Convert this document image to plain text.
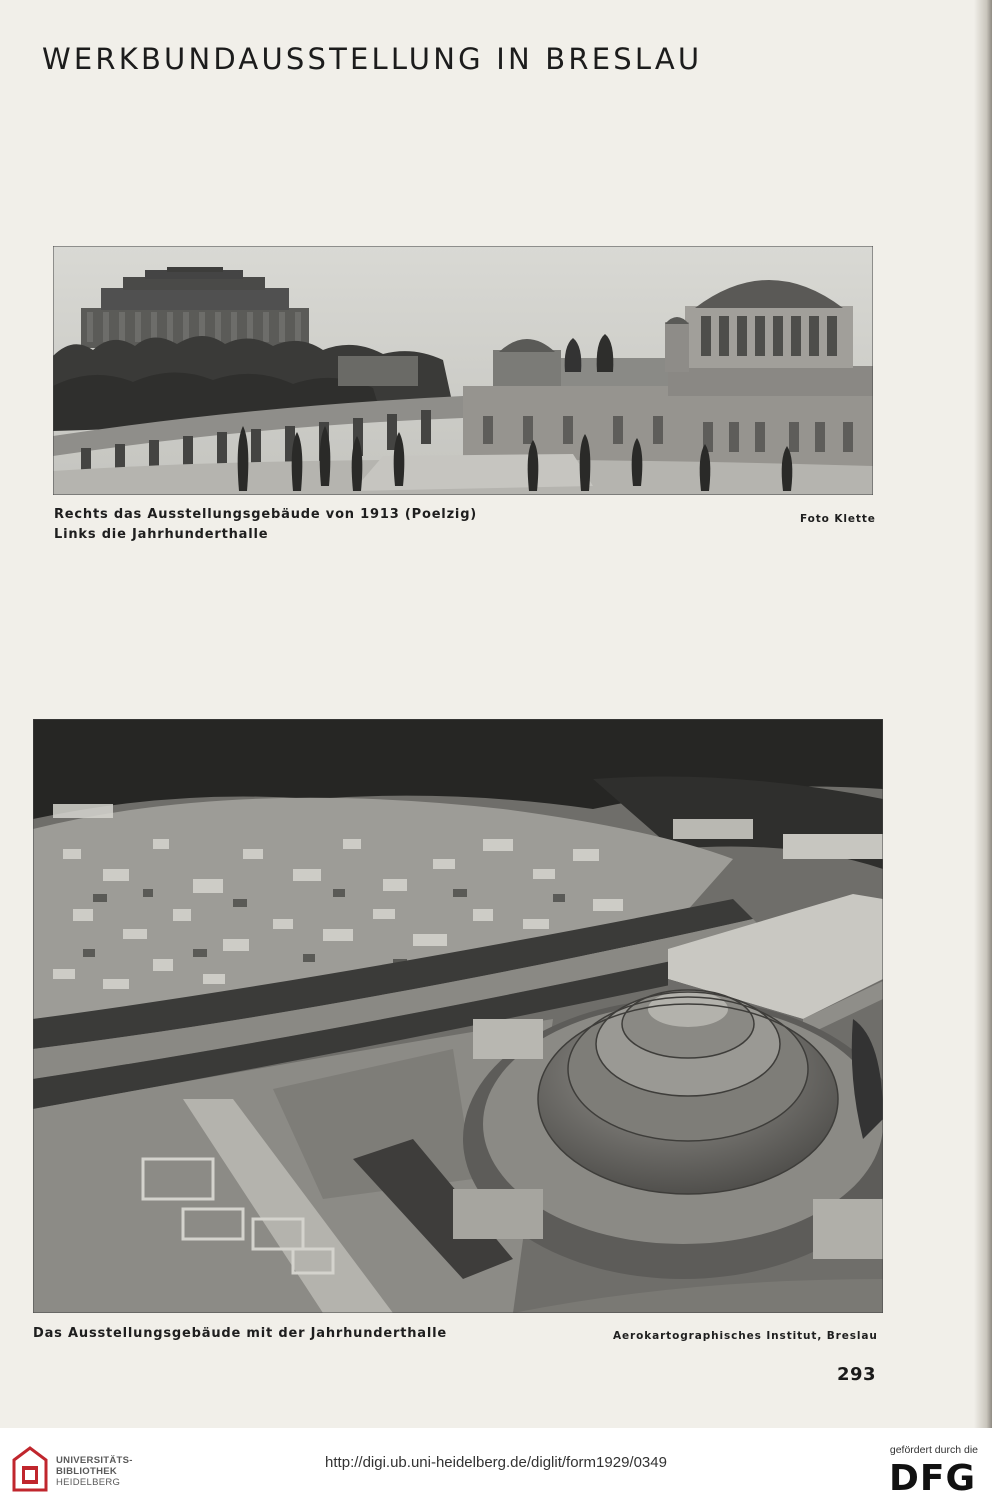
WERKBUNDAUSSTELLUNG IN BRESLAU
Rechts das Ausstellungsgebäude von 1913 (Poelzig)
Links die Jahrhunderthalle
Foto Klette
Das Ausstellungsgebäude mit der Jahrhunderthalle	Aerokartographisches Institut, Breslau
293
UNIVERSITÄTS-
BIBLIOTHEK
HEIDELBERG
http://digi.ub.uni-heidelberg.de/diglit/form1929/0349
gefördert durch die
DFG
